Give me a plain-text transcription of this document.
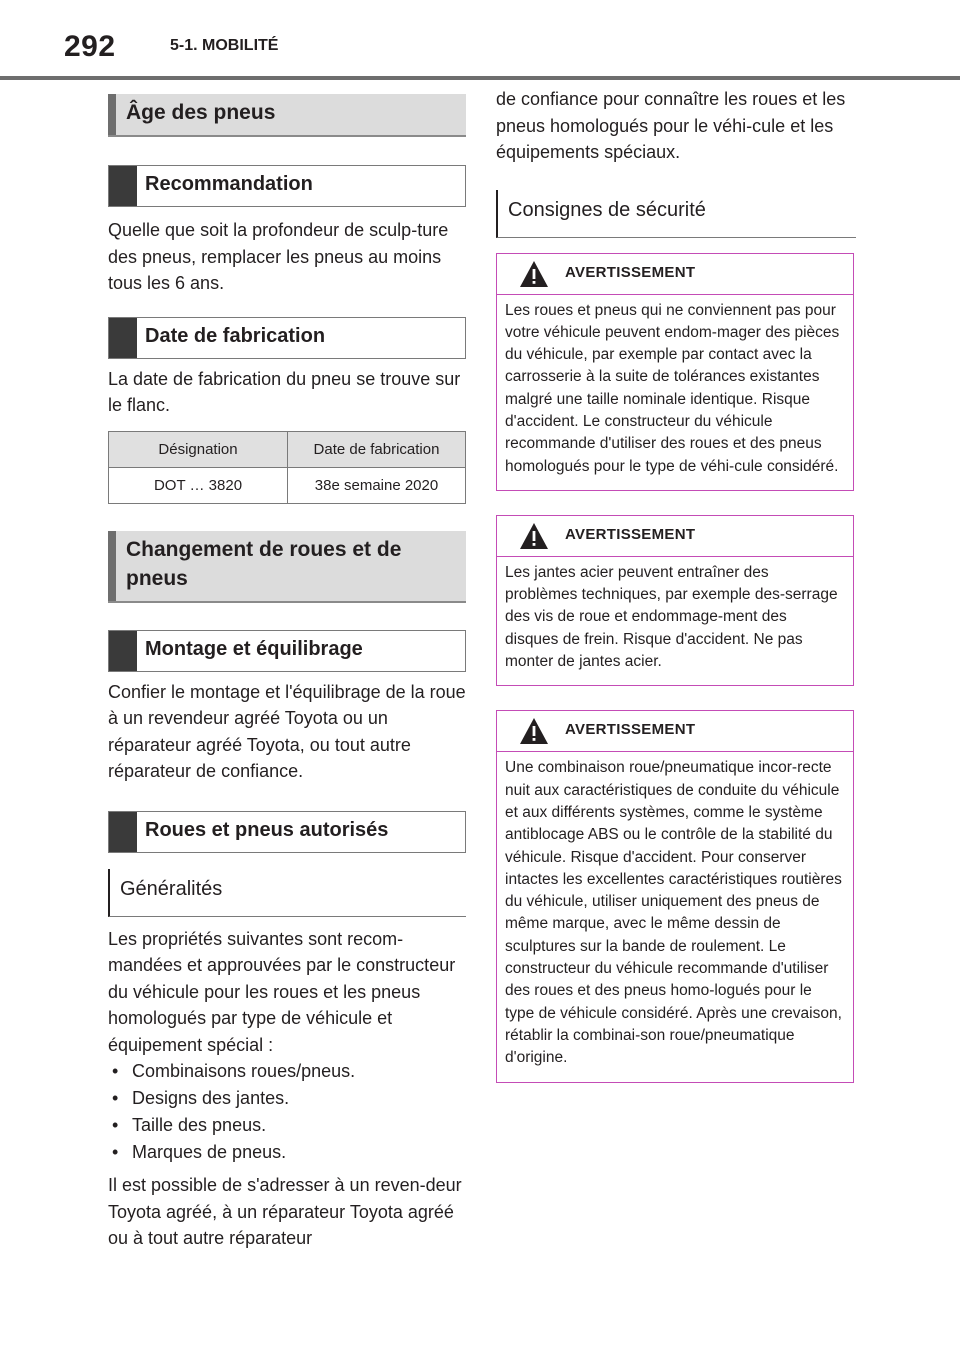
292	5-1. MOBILITÉ
Âge des pneus
Recommandation

Quelle que soit la profondeur de sculp-ture des pneus, remplacer les pneus au moins tous les 6 ans.

Date de fabrication

La date de fabrication du pneu se trouve sur le flanc.

Désignation	Date de fabrication
DOT … 3820	38e semaine 2020
Changement de roues et de pneus
Montage et équilibrage

Confier le montage et l'équilibrage de la roue à un revendeur agréé Toyota ou un réparateur agréé Toyota, ou tout autre réparateur de confiance.

Roues et pneus autorisés
Généralités

Les propriétés suivantes sont recom-mandées et approuvées par le constructeur du véhicule pour les roues et les pneus homologués par type de véhicule et équipement spécial :

• Combinaisons roues/pneus.
• Designs des jantes.
• Taille des pneus.
• Marques de pneus.

Il est possible de s'adresser à un reven-deur Toyota agréé, à un réparateur Toyota agréé ou à tout autre réparateur

de confiance pour connaître les roues et les pneus homologués pour le véhi-cule et les équipements spéciaux.

Consignes de sécurité
AVERTISSEMENT
Les roues et pneus qui ne conviennent pas pour votre véhicule peuvent endom-mager des pièces du véhicule, par exemple par contact avec la carrosserie à la suite de tolérances existantes malgré une taille nominale identique. Risque d'accident. Le constructeur du véhicule recommande d'utiliser des roues et des pneus homologués pour le type de véhi-cule considéré.
AVERTISSEMENT
Les jantes acier peuvent entraîner des problèmes techniques, par exemple des-serrage des vis de roue et endommage-ment des disques de frein. Risque d'accident. Ne pas monter de jantes acier.
AVERTISSEMENT
Une combinaison roue/pneumatique incor-recte nuit aux caractéristiques de conduite du véhicule et aux différents systèmes, comme le système antiblocage ABS ou le contrôle de la stabilité du véhicule. Risque d'accident. Pour conserver intactes les excellentes caractéristiques routières du véhicule, utiliser uniquement des pneus de même marque, avec le même dessin de sculptures sur la bande de roulement. Le constructeur du véhicule recommande d'utiliser des roues et des pneus homo-logués pour le type de véhicule considéré. Après une crevaison, rétablir la combinai-son roue/pneumatique d'origine.
